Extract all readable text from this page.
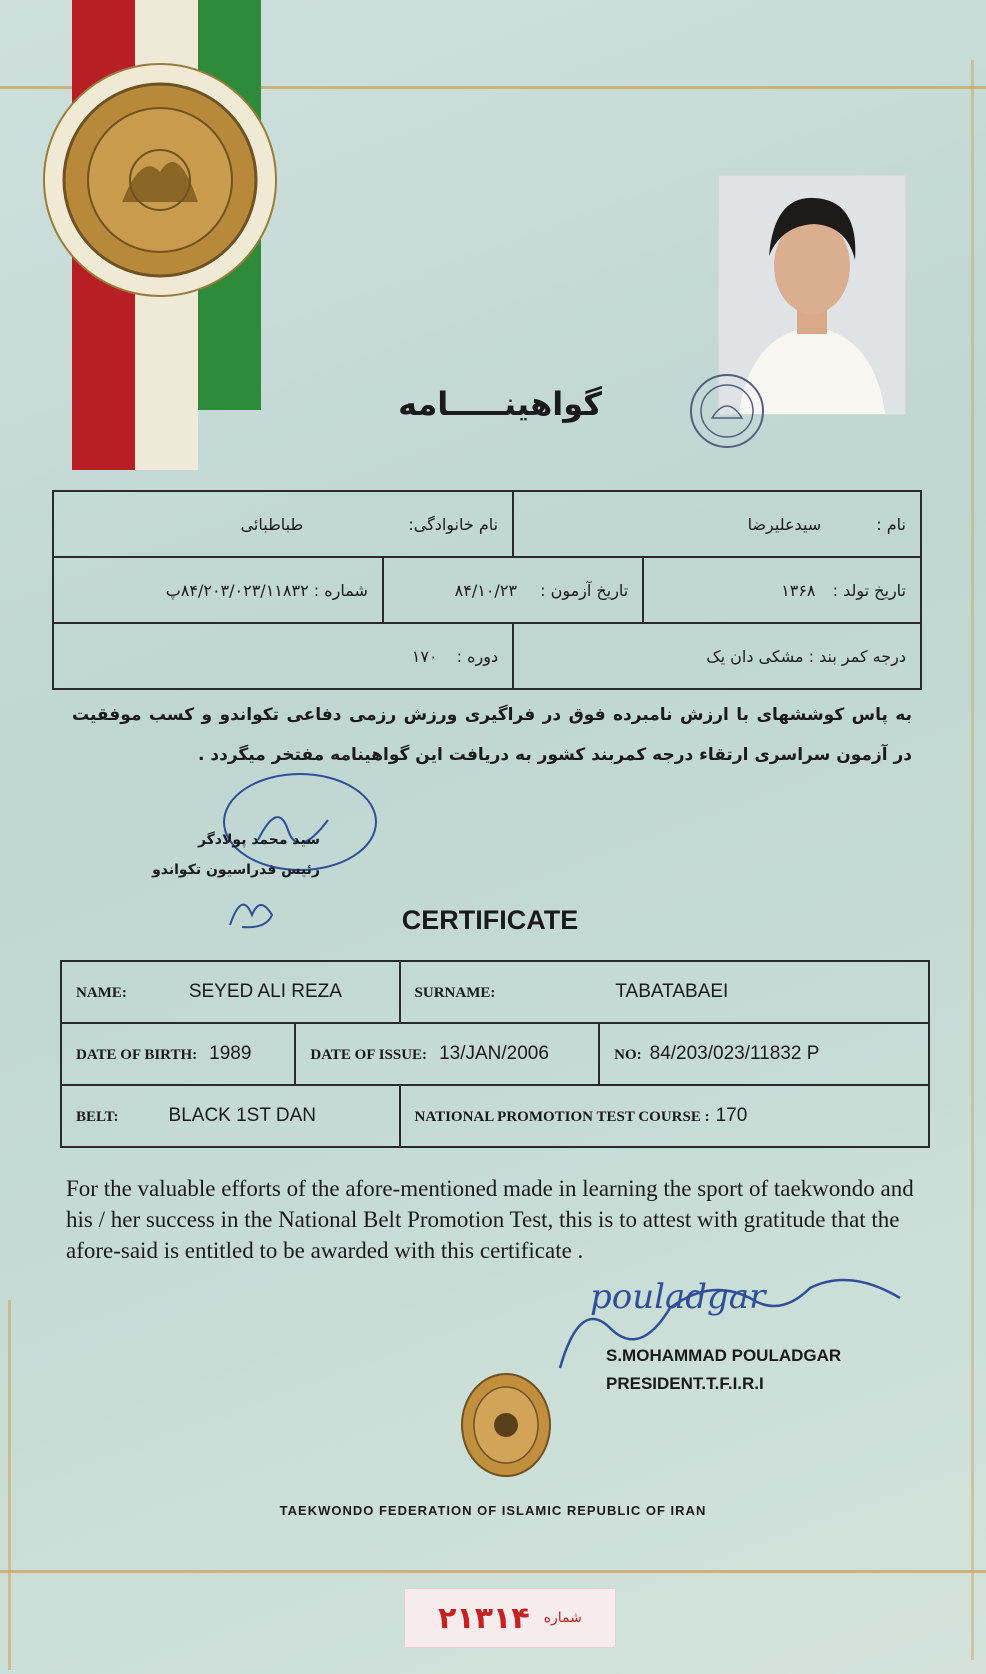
گواهینـــــامه
نام : سیدعلیرضا		نام خانوادگی: طباطبائی	
تاریخ تولد : ۱۳۶۸	تاریخ آزمون : ۸۴/۱۰/۲۳		شماره : ۸۴/۲۰۳/۰۲۳/۱۱۸۳۲پ
درجه کمر بند : مشکی دان یک		دوره : ۱۷۰	
به پاس کوششهای با ارزش نامبرده فوق در فراگیری ورزش رزمی دفاعی تکواندو و کسب موفقیت در آزمون سراسری ارتقاء درجه کمربند کشور به دریافت این گواهینامه مفتخر میگردد .
سید محمد پولادگر
رئیس فدراسیون تکواندو
CERTIFICATE
NAME: SEYED ALI REZA		SURNAME: TABATABAEI	
DATE OF BIRTH: 1989	DATE OF ISSUE: 13/JAN/2006		NO: 84/203/023/11832 P
BELT: BLACK 1ST DAN		NATIONAL PROMOTION TEST COURSE : 170	
For the valuable efforts of the afore-mentioned made in learning the sport of taekwondo and his / her success in the National Belt Promotion Test, this is to attest with gratitude that the afore-said is entitled to be awarded with this certificate .
pouladgar
S.MOHAMMAD POULADGAR
PRESIDENT.T.F.I.R.I
TAEKWONDO FEDERATION OF ISLAMIC REPUBLIC OF IRAN
شماره
۲۱۳۱۴
